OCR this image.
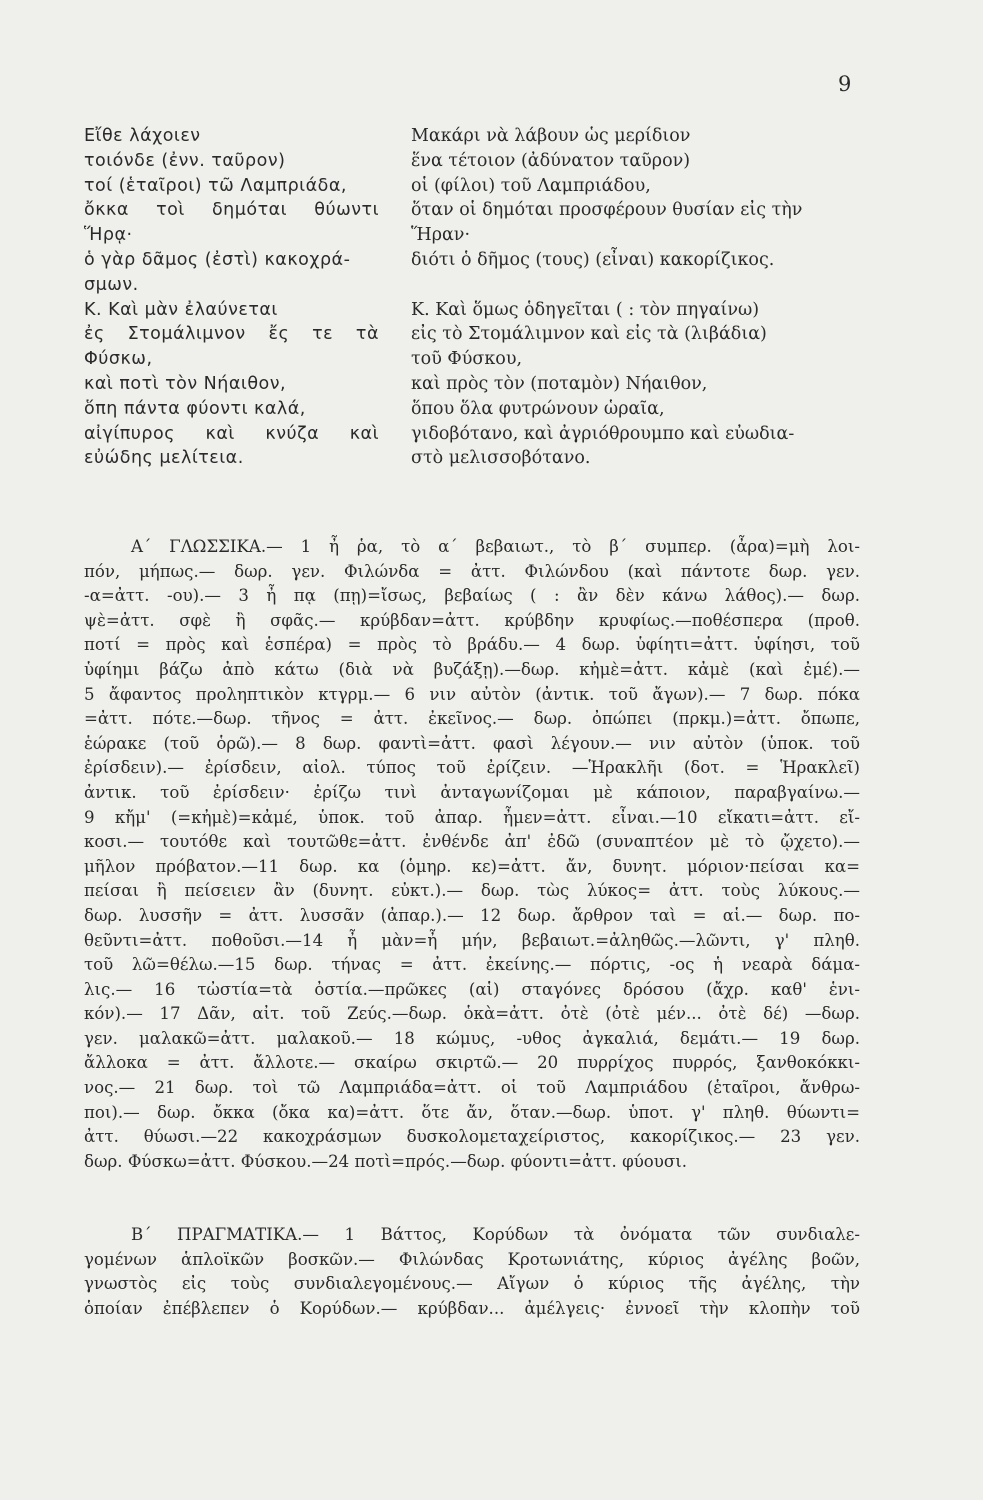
9
Εἴθε λάχοιεν
τοιόνδε (ἐνν. ταῦρον)
τοί (ἑταῖροι) τῶ Λαμπριάδα,
ὄκκα τοὶ δημόται θύωντι
Ἥρᾳ·
ὁ γὰρ δᾶμος (ἐστὶ) κακοχρά-
σμων.
Κ. Καὶ μὰν ἐλαύνεται
ἐς Στομάλιμνον ἔς τε τὰ
Φύσκω,
καὶ ποτὶ τὸν Νήαιθον,
ὅπη πάντα φύοντι καλά,
αἰγίπυρος καὶ κνύζα καὶ
εὐώδης μελίτεια.
Μακάρι νὰ λάβουν ὡς μερίδιον
ἕνα τέτοιον (ἀδύνατον ταῦρον)
οἱ (φίλοι) τοῦ Λαμπριάδου,
ὅταν οἱ δημόται προσφέρουν θυσίαν εἰς τὴν
Ἥραν·
διότι ὁ δῆμος (τους) (εἶναι) κακορίζικος.

Κ. Καὶ ὅμως ὁδηγεῖται ( : τὸν πηγαίνω)
εἰς τὸ Στομάλιμνον καὶ εἰς τὰ (λιβάδια)
τοῦ Φύσκου,
καὶ πρὸς τὸν (ποταμὸν) Νήαιθον,
ὅπου ὅλα φυτρώνουν ὡραῖα,
γιδοβότανο, καὶ ἀγριόθρουμπο καὶ εὐωδια-
στὸ μελισσοβότανο.
Α΄ ΓΛΩΣΣΙΚΑ.— 1 ἦ ῥα, τὸ α΄ βεβαιωτ., τὸ β΄ συμπερ. (ἆρα)=μὴ λοι-
πόν, μήπως.— δωρ. γεν. Φιλώνδα = ἀττ. Φιλώνδου (καὶ πάντοτε δωρ. γεν.
-α=ἀττ. -ου).— 3 ἦ πᾳ (πῃ)=ἴσως, βεβαίως ( : ἂν δὲν κάνω λάθος).— δωρ.
ψὲ=ἀττ. σφὲ ἢ σφᾶς.— κρύβδαν=ἀττ. κρύβδην κρυφίως.—ποθέσπερα (προθ.
ποτί = πρὸς καὶ ἑσπέρα) = πρὸς τὸ βράδυ.— 4 δωρ. ὑφίητι=ἀττ. ὑφίησι, τοῦ
ὑφίημι βάζω ἀπὸ κάτω (διὰ νὰ βυζάξῃ).—δωρ. κἠμὲ=ἀττ. κἀμὲ (καὶ ἐμέ).—
5 ἄφαντος προληπτικὸν κτγρμ.— 6 νιν αὐτὸν (ἀντικ. τοῦ ἄγων).— 7 δωρ. πόκα
=ἀττ. πότε.—δωρ. τῆνος = ἀττ. ἐκεῖνος.— δωρ. ὀπώπει (πρκμ.)=ἀττ. ὄπωπε,
ἑώρακε (τοῦ ὁρῶ).— 8 δωρ. φαντὶ=ἀττ. φασὶ λέγουν.— νιν αὐτὸν (ὑποκ. τοῦ
ἐρίσδειν).— ἐρίσδειν, αἰολ. τύπος τοῦ ἐρίζειν. —Ἡρακλῆι (δοτ. = Ἡρακλεῖ)
ἀντικ. τοῦ ἐρίσδειν· ἐρίζω τινὶ ἀνταγωνίζομαι μὲ κάποιον, παραβγαίνω.—
9 κἤμ' (=κἠμὲ)=κἀμέ, ὑποκ. τοῦ ἀπαρ. ἦμεν=ἀττ. εἶναι.—10 εἴκατι=ἀττ. εἴ-
κοσι.— τουτόθε καὶ τουτῶθε=ἀττ. ἐνθένδε ἀπ' ἐδῶ (συναπτέον μὲ τὸ ᾤχετο).—
μῆλον πρόβατον.—11 δωρ. κα (ὁμηρ. κε)=ἀττ. ἄν, δυνητ. μόριον·πείσαι κα=
πείσαι ἢ πείσειεν ἂν (δυνητ. εὐκτ.).— δωρ. τὼς λύκος= ἀττ. τοὺς λύκους.—
δωρ. λυσσῆν = ἀττ. λυσσᾶν (ἀπαρ.).— 12 δωρ. ἄρθρον ταὶ = αἱ.— δωρ. πο-
θεῦντι=ἀττ. ποθοῦσι.—14 ἦ μὰν=ἦ μήν, βεβαιωτ.=ἀληθῶς.—λῶντι, γ' πληθ.
τοῦ λῶ=θέλω.—15 δωρ. τήνας = ἀττ. ἐκείνης.— πόρτις, -ος ἡ νεαρὰ δάμα-
λις.— 16 τὠστία=τὰ ὀστία.—πρῶκες (αἱ) σταγόνες δρόσου (ἄχρ. καθ' ἑνι-
κόν).— 17 Δᾶν, αἰτ. τοῦ Ζεύς.—δωρ. ὁκὰ=ἀττ. ὀτὲ (ὀτὲ μέν... ὀτὲ δέ) —δωρ.
γεν. μαλακῶ=ἀττ. μαλακοῦ.— 18 κώμυς, -υθος ἀγκαλιά, δεμάτι.— 19 δωρ.
ἄλλοκα = ἀττ. ἄλλοτε.— σκαίρω σκιρτῶ.— 20 πυρρίχος πυρρός, ξανθοκόκκι-
νος.— 21 δωρ. τοὶ τῶ Λαμπριάδα=ἀττ. οἱ τοῦ Λαμπριάδου (ἑταῖροι, ἄνθρω-
ποι).— δωρ. ὄκκα (ὄκα κα)=ἀττ. ὅτε ἄν, ὅταν.—δωρ. ὑποτ. γ' πληθ. θύωντι=
ἀττ. θύωσι.—22 κακοχράσμων δυσκολομεταχείριστος, κακορίζικος.— 23 γεν.
δωρ. Φύσκω=ἀττ. Φύσκου.—24 ποτὶ=πρός.—δωρ. φύοντι=ἀττ. φύουσι.
Β΄ ΠΡΑΓΜΑΤΙΚΑ.— 1 Βάττος, Κορύδων τὰ ὀνόματα τῶν συνδιαλε-
γομένων ἁπλοϊκῶν βοσκῶν.— Φιλώνδας Κροτωνιάτης, κύριος ἀγέλης βοῶν,
γνωστὸς εἰς τοὺς συνδιαλεγομένους.— Αἴγων ὁ κύριος τῆς ἀγέλης, τὴν
ὁποίαν ἐπέβλεπεν ὁ Κορύδων.— κρύβδαν... ἀμέλγεις· ἐννοεῖ τὴν κλοπὴν τοῦ
